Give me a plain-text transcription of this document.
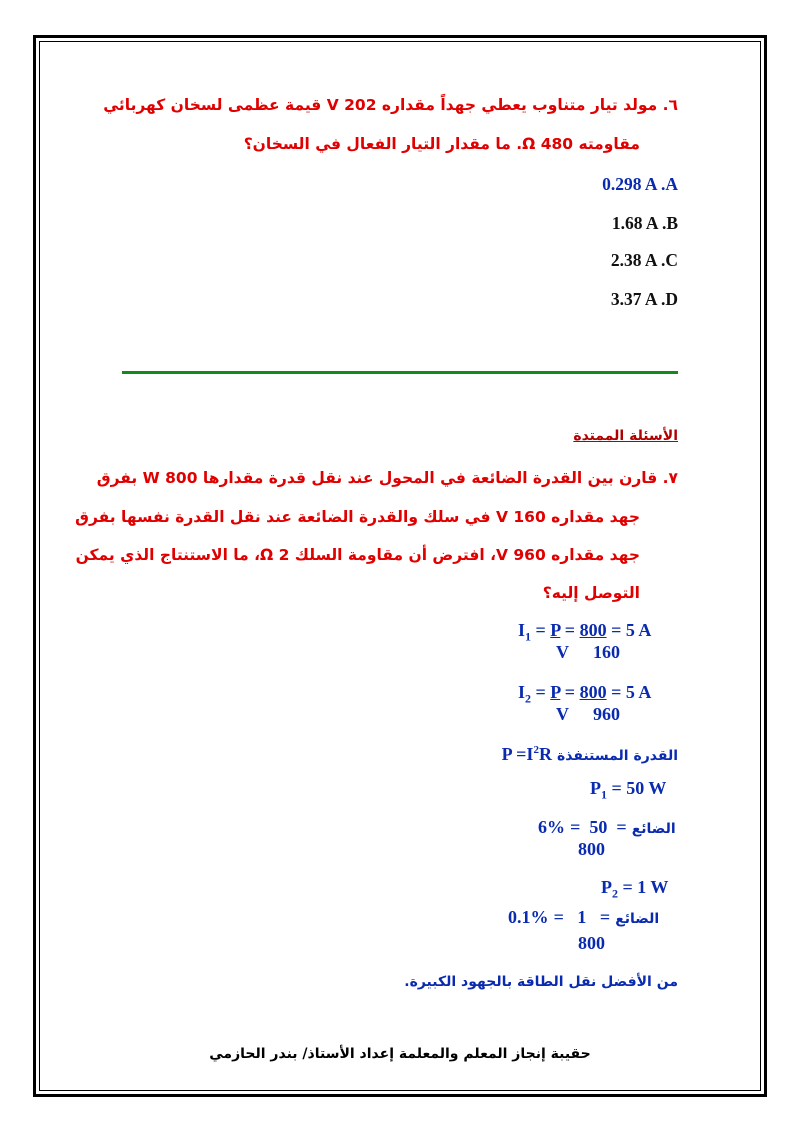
٦. مولد تيار متناوب يعطي جهداً مقداره 202 V قيمة عظمى لسخان كهربائي
مقاومته 480 Ω. ما مقدار التيار الفعال في السخان؟
0.298 A .A
1.68 A .B
2.38 A .C
3.37 A .D
الأسئلة الممتدة
٧. قارن بين القدرة الضائعة في المحول عند نقل قدرة مقدارها 800 W بفرق
جهد مقداره 160 V في سلك والقدرة الضائعة عند نقل القدرة نفسها بفرق
جهد مقداره 960 V، افترض أن مقاومة السلك 2 Ω، ما الاستنتاج الذي يمكن
التوصل إليه؟
$I_1 = P = 800 = 5$ A
V 160
$I_2 = P = 800 = 5$ A
V 960
القدرة المستنفذة $P =I^2R$
$P_1 = 50$ W
6% =  50  = الضائع
800
$P_2 = 1$ W
0.1% =   1   = الضائع
800
من الأفضل نقل الطاقة بالجهود الكبيرة.
حقيبة إنجاز المعلم والمعلمة إعداد الأستاذ/ بندر الحازمي
